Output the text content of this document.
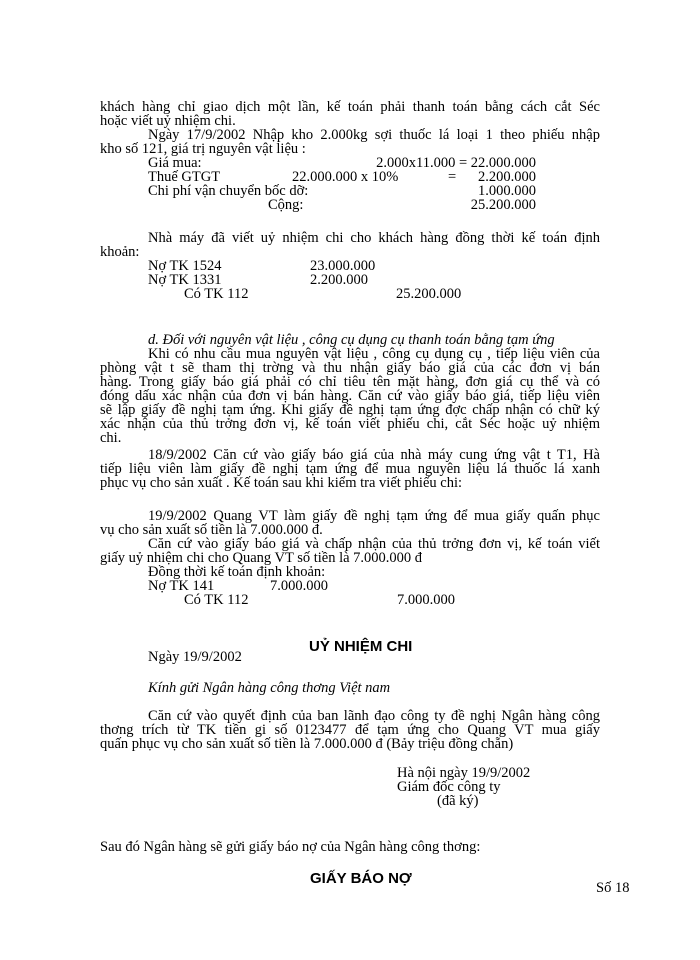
khách hàng chỉ giao dịch một lần, kế toán phải thanh toán bằng cách cắt Séc
hoặc viết uỷ nhiệm chi.
Ngày 17/9/2002 Nhập kho 2.000kg sợi thuốc lá loại 1 theo phiếu nhập
kho số 121, giá trị nguyên vật liệu :
Giá mua:	2.000x11.000 = 22.000.000
Thuế GTGT	22.000.000 x 10%	=	2.200.000
Chi phí vận chuyển bốc dỡ:	1.000.000
Cộng:	25.200.000
Nhà máy đã viết uỷ nhiệm chi cho khách hàng đồng thời kế toán định
khoản:
Nợ TK 1524	23.000.000
Nợ TK 1331	2.200.000
Có TK 112	25.200.000
d. Đối với nguyên vật liệu , công cụ dụng cụ thanh toán bằng tạm ứng
Khi có nhu cầu mua nguyên vật liệu , công cụ dụng cụ , tiếp liệu viên của
phòng vật t sẽ tham thị trờng và thu nhận giấy báo giá của các đơn vị bán
hàng. Trong giấy báo giá phải có chỉ tiêu tên mặt hàng, đơn giá cụ thể và có
đóng dấu xác nhận của đơn vị bán hàng. Căn cứ vào giấy báo giá, tiếp liệu viên
sẽ lập giấy đề nghị tạm ứng. Khi giấy đề nghị tạm ứng đợc chấp nhận có chữ ký
xác nhận của thủ trởng đơn vị, kế toán viết phiếu chi, cắt Séc hoặc uỷ nhiệm
chi.
18/9/2002 Căn cứ vào giấy báo giá của nhà máy cung ứng vật t T1, Hà
tiếp liệu viên làm giấy đề nghị tạm ứng để mua nguyên liệu lá thuốc lá xanh
phục vụ cho sản xuất . Kế toán sau khi kiểm tra viết phiếu chi:
19/9/2002 Quang VT làm giấy đề nghị tạm ứng để mua giấy quấn phục
vụ cho sản xuất số tiền là 7.000.000 đ.
Căn cứ vào giấy báo giá và chấp nhận của thủ trởng đơn vị, kế toán viết
giấy uỷ nhiệm chi cho Quang VT số tiền là 7.000.000 đ
Đồng thời kế toán định khoản:
Nợ TK 141	7.000.000
Có TK 112	7.000.000
UỶ NHIỆM CHI
Ngày 19/9/2002
Kính gửi Ngân hàng công thơng Việt nam
Căn cứ vào quyết định của ban lãnh đạo công ty đề nghị Ngân hàng công
thơng trích từ TK tiền gi số 0123477 để tạm ứng cho Quang VT mua giấy
quấn phục vụ cho sản xuất số tiền là 7.000.000 đ (Bảy triệu đồng chẵn)
Hà nội ngày 19/9/2002
Giám đốc công ty
(đã ký)
Sau đó Ngân hàng sẽ gửi giấy báo nợ của Ngân hàng công thơng:
GIẤY BÁO NỢ
Số 18
